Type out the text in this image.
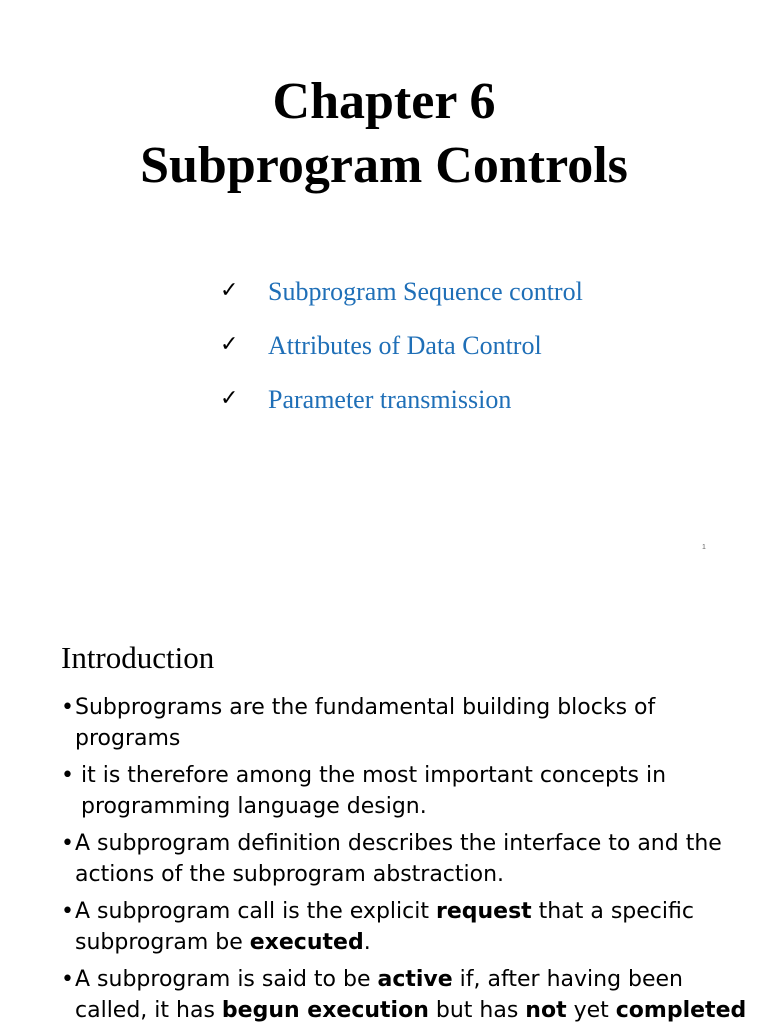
Chapter 6
Subprogram Controls
✓	Subprogram Sequence control
✓	Attributes of Data Control
✓	Parameter transmission
1
Introduction
• Subprograms are the fundamental building blocks of programs
• it is therefore among the most important concepts in programming language design.
• A subprogram definition describes the interface to and the actions of the subprogram abstraction.
• A subprogram call is the explicit request that a specific subprogram be executed.
• A subprogram is said to be active if, after having been called, it has begun execution but has not yet completed
